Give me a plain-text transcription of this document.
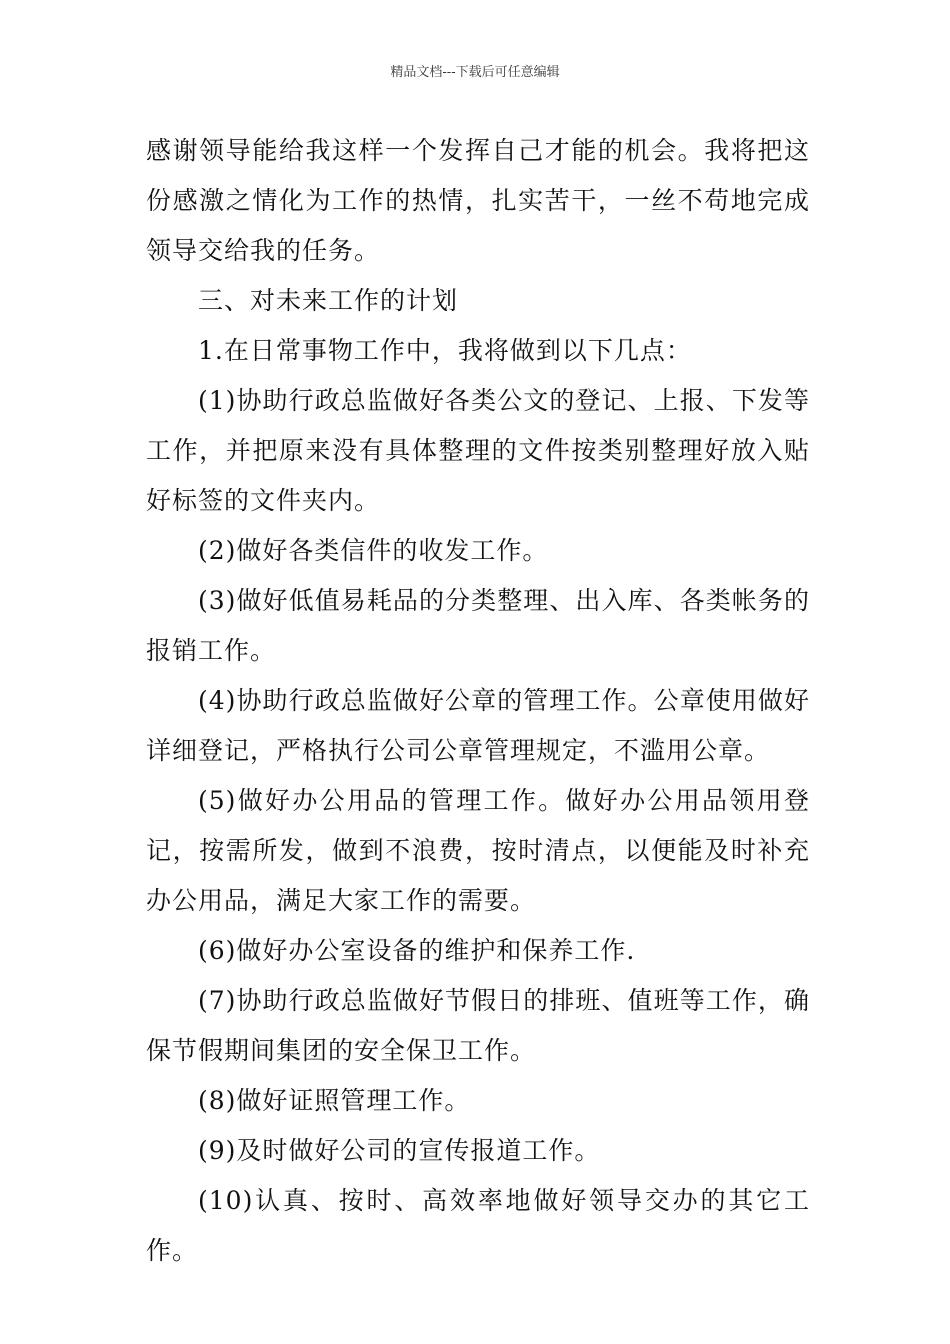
精品文档---下载后可任意编辑

感谢领导能给我这样一个发挥自己才能的机会。我将把这份感激之情化为工作的热情，扎实苦干，一丝不苟地完成领导交给我的任务。

三、对未来工作的计划

1.在日常事物工作中，我将做到以下几点：

(1)协助行政总监做好各类公文的登记、上报、下发等工作，并把原来没有具体整理的文件按类别整理好放入贴好标签的文件夹内。

(2)做好各类信件的收发工作。

(3)做好低值易耗品的分类整理、出入库、各类帐务的报销工作。

(4)协助行政总监做好公章的管理工作。公章使用做好详细登记，严格执行公司公章管理规定，不滥用公章。

(5)做好办公用品的管理工作。做好办公用品领用登记，按需所发，做到不浪费，按时清点，以便能及时补充办公用品，满足大家工作的需要。

(6)做好办公室设备的维护和保养工作.

(7)协助行政总监做好节假日的排班、值班等工作，确保节假期间集团的安全保卫工作。

(8)做好证照管理工作。

(9)及时做好公司的宣传报道工作。

(10)认真、按时、高效率地做好领导交办的其它工作。
